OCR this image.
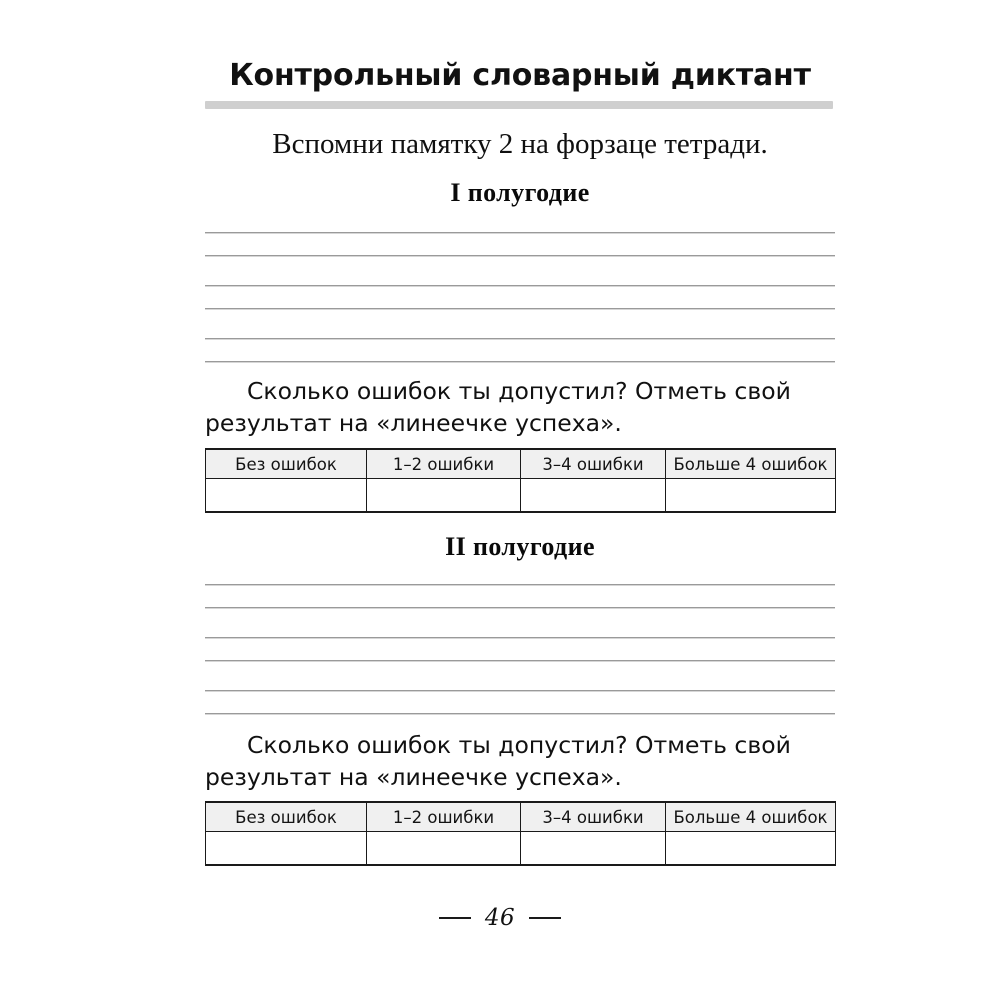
Контрольный словарный диктант
Вспомни памятку 2 на форзаце тетради.
I полугодие
Сколько ошибок ты допустил? Отметь свой
результат на «линеечке успеха».
Без ошибок	1–2 ошибки	3–4 ошибки	Больше 4 ошибок

II полугодие
Сколько ошибок ты допустил? Отметь свой
результат на «линеечке успеха».
Без ошибок	1–2 ошибки	3–4 ошибки	Больше 4 ошибок

46
